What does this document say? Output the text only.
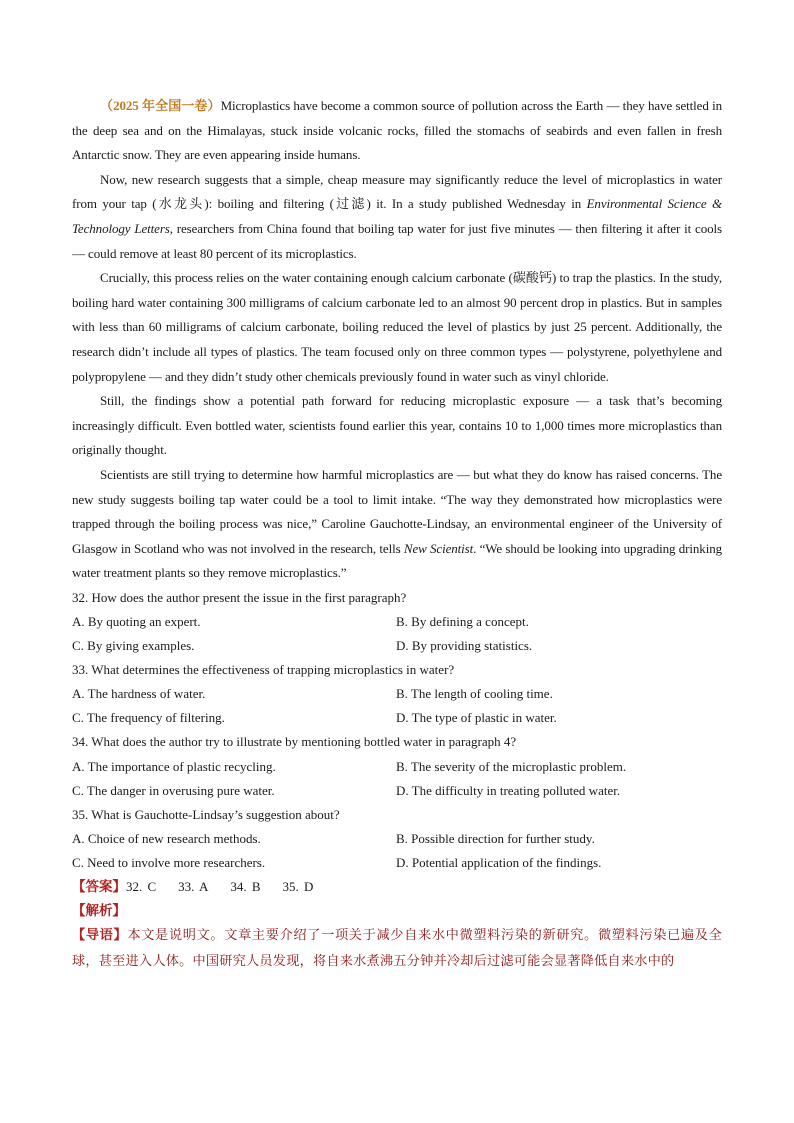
（2025 年全国一卷）Microplastics have become a common source of pollution across the Earth — they have settled in the deep sea and on the Himalayas, stuck inside volcanic rocks, filled the stomachs of seabirds and even fallen in fresh Antarctic snow. They are even appearing inside humans.

Now, new research suggests that a simple, cheap measure may significantly reduce the level of microplastics in water from your tap (水龙头): boiling and filtering (过滤) it. In a study published Wednesday in Environmental Science & Technology Letters, researchers from China found that boiling tap water for just five minutes — then filtering it after it cools — could remove at least 80 percent of its microplastics.

Crucially, this process relies on the water containing enough calcium carbonate (碳酸钙) to trap the plastics. In the study, boiling hard water containing 300 milligrams of calcium carbonate led to an almost 90 percent drop in plastics. But in samples with less than 60 milligrams of calcium carbonate, boiling reduced the level of plastics by just 25 percent. Additionally, the research didn’t include all types of plastics. The team focused only on three common types — polystyrene, polyethylene and polypropylene — and they didn’t study other chemicals previously found in water such as vinyl chloride.

Still, the findings show a potential path forward for reducing microplastic exposure — a task that’s becoming increasingly difficult. Even bottled water, scientists found earlier this year, contains 10 to 1,000 times more microplastics than originally thought.

Scientists are still trying to determine how harmful microplastics are — but what they do know has raised concerns. The new study suggests boiling tap water could be a tool to limit intake. “The way they demonstrated how microplastics were trapped through the boiling process was nice,” Caroline Gauchotte-Lindsay, an environmental engineer of the University of Glasgow in Scotland who was not involved in the research, tells New Scientist. “We should be looking into upgrading drinking water treatment plants so they remove microplastics.”

32. How does the author present the issue in the first paragraph?

A. By quoting an expert.	B. By defining a concept.
C. By giving examples.	D. By providing statistics.

33. What determines the effectiveness of trapping microplastics in water?

A. The hardness of water.	B. The length of cooling time.
C. The frequency of filtering.	D. The type of plastic in water.

34. What does the author try to illustrate by mentioning bottled water in paragraph 4?

A. The importance of plastic recycling.	B. The severity of the microplastic problem.
C. The danger in overusing pure water.	D. The difficulty in treating polluted water.

35. What is Gauchotte-Lindsay’s suggestion about?

A. Choice of new research methods.	B. Possible direction for further study.
C. Need to involve more researchers.	D. Potential application of the findings.

【答案】32. C 33. A 34. B 35. D

【解析】

【导语】本文是说明文。文章主要介绍了一项关于减少自来水中微塑料污染的新研究。微塑料污染已遍及全球，甚至进入人体。中国研究人员发现，将自来水煮沸五分钟并冷却后过滤可能会显著降低自来水中的
